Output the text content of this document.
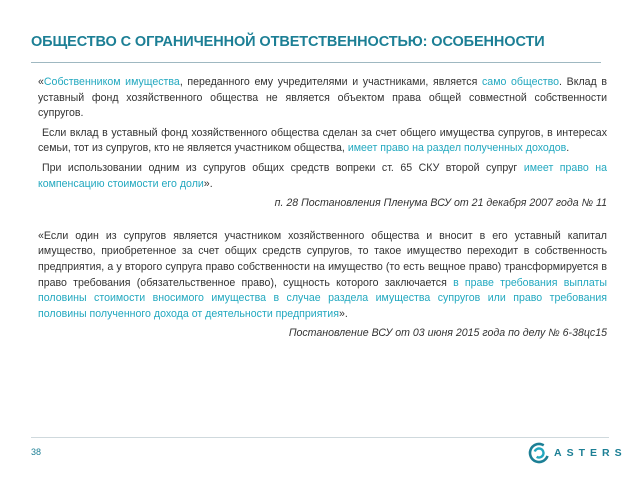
ОБЩЕСТВО С ОГРАНИЧЕННОЙ ОТВЕТСТВЕННОСТЬЮ: ОСОБЕННОСТИ

«Собственником имущества, переданного ему учредителями и участниками, является само общество. Вклад в уставный фонд хозяйственного общества не является объектом права общей совместной собственности супругов.

Если вклад в уставный фонд хозяйственного общества сделан за счет общего имущества супругов, в интересах семьи, тот из супругов, кто не является участником общества, имеет право на раздел полученных доходов.

При использовании одним из супругов общих средств вопреки ст. 65 СКУ второй супруг имеет право на компенсацию стоимости его доли».

п. 28 Постановления Пленума ВСУ от 21 декабря 2007 года № 11

«Если один из супругов является участником хозяйственного общества и вносит в его уставный капитал имущество, приобретенное за счет общих средств супругов, то такое имущество переходит в собственность предприятия, а у второго супруга право собственности на имущество (то есть вещное право) трансформируется в право требования (обязательственное право), сущность которого заключается в праве требования выплаты половины стоимости вносимого имущества в случае раздела имущества супругов или право требования половины полученного дохода от деятельности предприятия».

Постановление ВСУ от 03 июня 2015 года по делу № 6-38цс15

38	ASTERS
